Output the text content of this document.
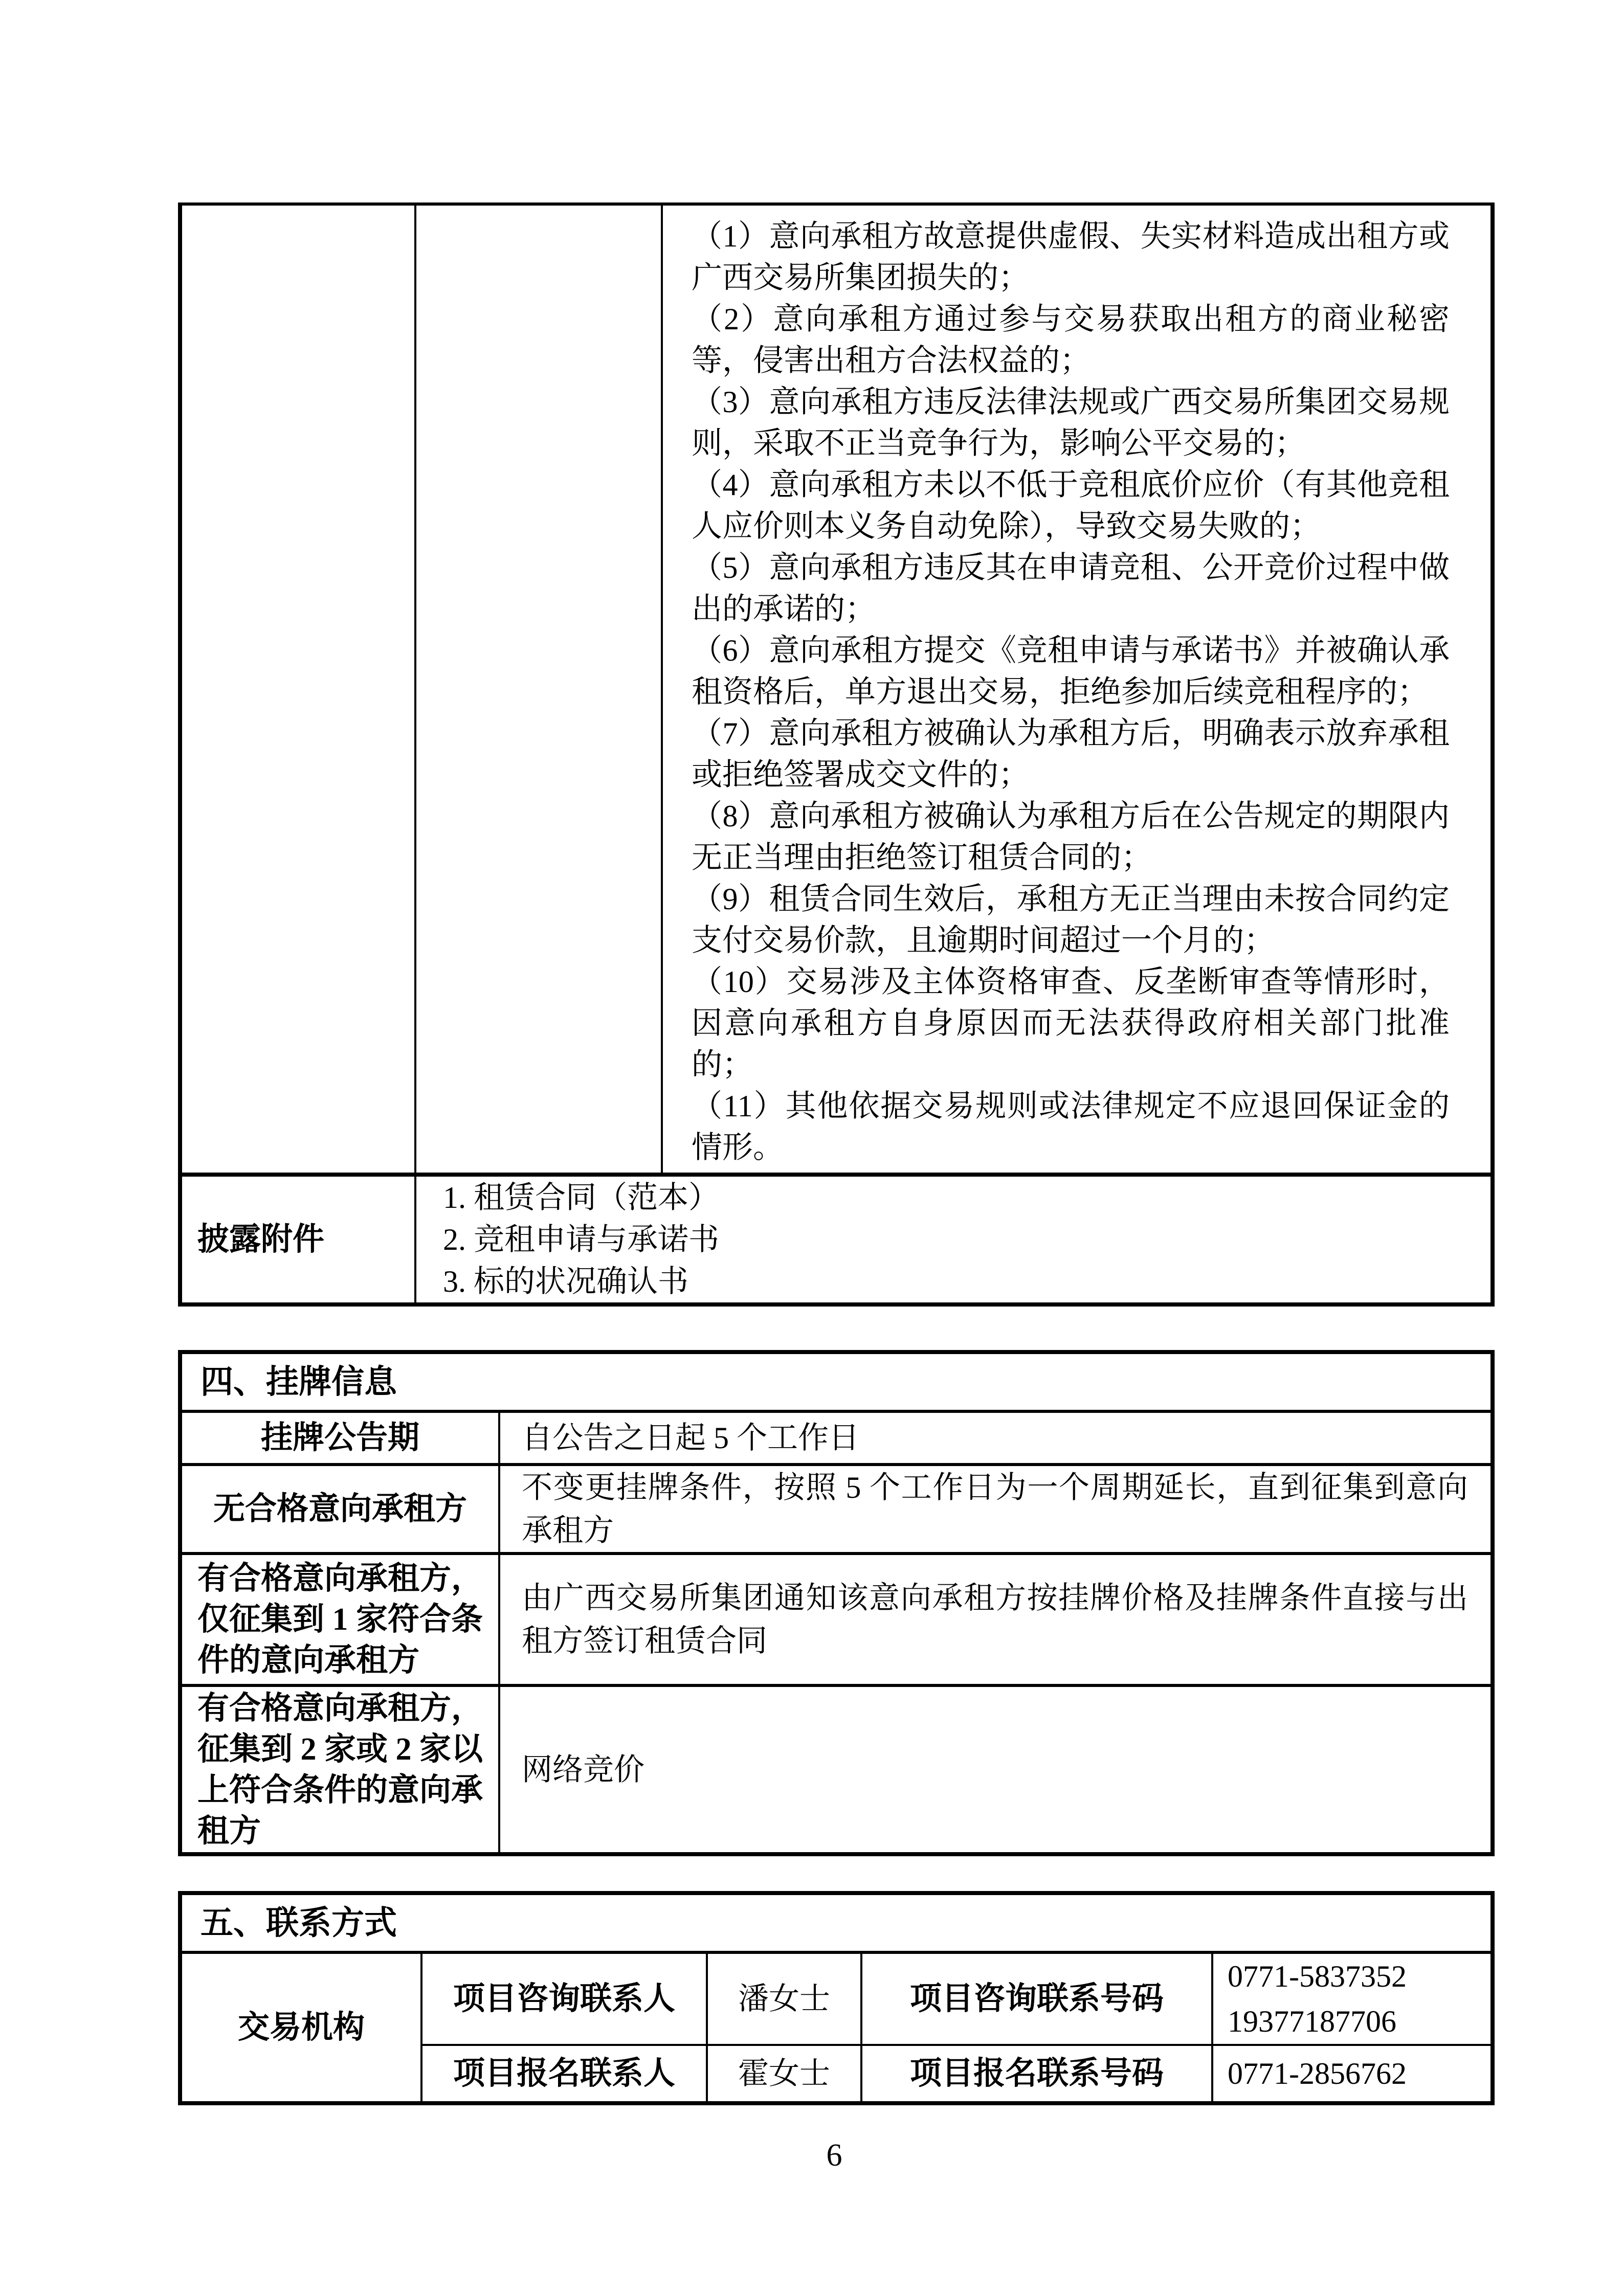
（1）意向承租方故意提供虚假、失实材料造成出租方或广西交易所集团损失的；

（2）意向承租方通过参与交易获取出租方的商业秘密等，侵害出租方合法权益的；

（3）意向承租方违反法律法规或广西交易所集团交易规则，采取不正当竞争行为，影响公平交易的；

（4）意向承租方未以不低于竞租底价应价（有其他竞租人应价则本义务自动免除），导致交易失败的；

（5）意向承租方违反其在申请竞租、公开竞价过程中做出的承诺的；

（6）意向承租方提交《竞租申请与承诺书》并被确认承租资格后，单方退出交易，拒绝参加后续竞租程序的；

（7）意向承租方被确认为承租方后，明确表示放弃承租或拒绝签署成交文件的；

（8）意向承租方被确认为承租方后在公告规定的期限内无正当理由拒绝签订租赁合同的；

（9）租赁合同生效后，承租方无正当理由未按合同约定支付交易价款，且逾期时间超过一个月的；

（10）交易涉及主体资格审查、反垄断审查等情形时，因意向承租方自身原因而无法获得政府相关部门批准的；

（11）其他依据交易规则或法律规定不应退回保证金的情形。

披露附件	1. 租赁合同（范本）
2. 竞租申请与承诺书
3. 标的状况确认书	
四、挂牌信息	
挂牌公告期	自公告之日起 5 个工作日
无合格意向承租方	不变更挂牌条件，按照 5 个工作日为一个周期延长，直到征集到意向承租方
有合格意向承租方，仅征集到 1 家符合条件的意向承租方	由广西交易所集团通知该意向承租方按挂牌价格及挂牌条件直接与出租方签订租赁合同
有合格意向承租方，征集到 2 家或 2 家以上符合条件的意向承租方	网络竞价
五、联系方式				
交易机构	项目咨询联系人	潘女士	项目咨询联系号码	0771-5837352
19377187706

	项目报名联系人	霍女士	项目报名联系号码	0771-2856762
6
